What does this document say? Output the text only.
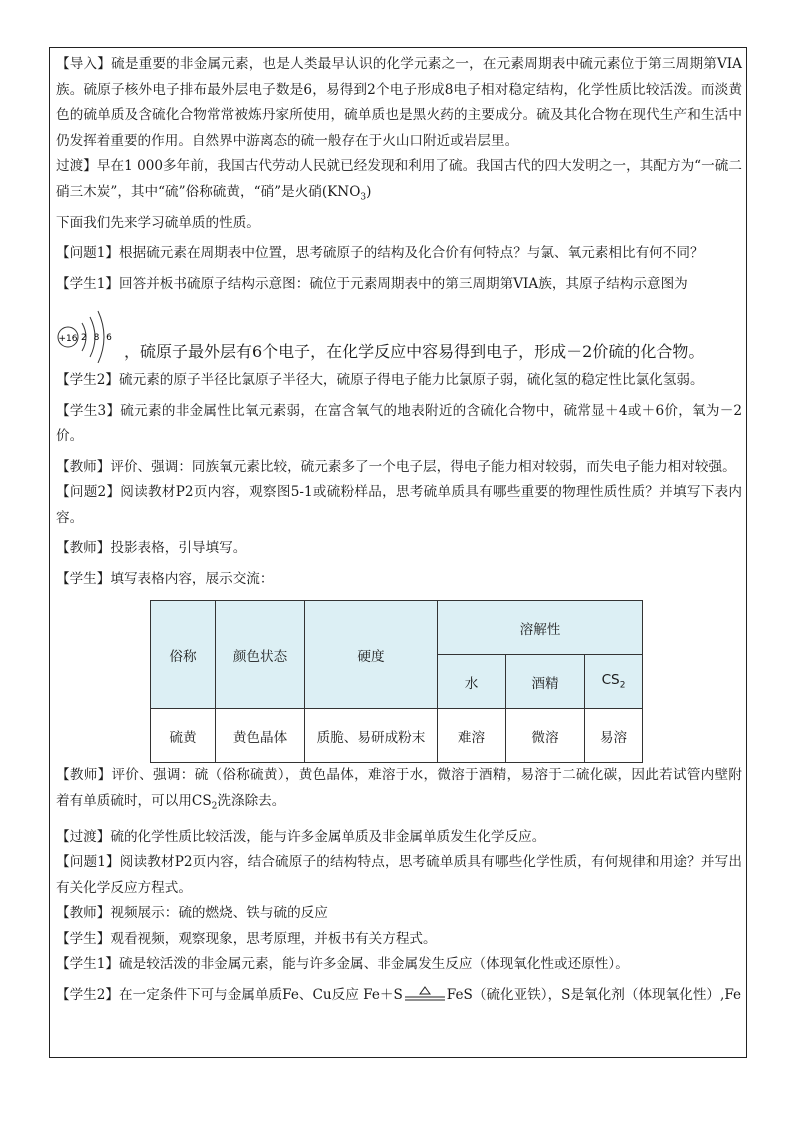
【导入】硫是重要的非金属元素，也是人类最早认识的化学元素之一，在元素周期表中硫元素位于第三周期第VIA族。硫原子核外电子排布最外层电子数是6，易得到2个电子形成8电子相对稳定结构，化学性质比较活泼。而淡黄色的硫单质及含硫化合物常常被炼丹家所使用，硫单质也是黑火药的主要成分。硫及其化合物在现代生产和生活中仍发挥着重要的作用。自然界中游离态的硫一般存在于火山口附近或岩层里。

过渡】早在1 000多年前，我国古代劳动人民就已经发现和利用了硫。我国古代的四大发明之一，其配方为“一硫二硝三木炭”，其中“硫”俗称硫黄，“硝”是火硝$(KNO_3)$

下面我们先来学习硫单质的性质。

【问题1】根据硫元素在周期表中位置，思考硫原子的结构及化合价有何特点？与氯、氧元素相比有何不同？

【学生1】回答并板书硫原子结构示意图：硫位于元素周期表中的第三周期第VIA族，其原子结构示意图为

+16 2 8 6
，硫原子最外层有6个电子，在化学反应中容易得到电子，形成－2价硫的化合物。

【学生2】硫元素的原子半径比氯原子半径大，硫原子得电子能力比氯原子弱，硫化氢的稳定性比氯化氢弱。

【学生3】硫元素的非金属性比氧元素弱，在富含氧气的地表附近的含硫化合物中，硫常显＋4或＋6价，氧为－2价。

【教师】评价、强调：同族氧元素比较，硫元素多了一个电子层，得电子能力相对较弱，而失电子能力相对较强。

【问题2】阅读教材P2页内容，观察图5-1或硫粉样品，思考硫单质具有哪些重要的物理性质性质？并填写下表内容。

【教师】投影表格，引导填写。

【学生】填写表格内容，展示交流：

俗称	颜色状态	硬度	溶解性		
			水	酒精	$CS_2$
硫黄	黄色晶体	质脆、易研成粉末	难溶	微溶	易溶

【教师】评价、强调：硫（俗称硫黄），黄色晶体，难溶于水，微溶于酒精，易溶于二硫化碳，因此若试管内壁附着有单质硫时，可以用$CS_2$洗涤除去。

【过渡】硫的化学性质比较活泼，能与许多金属单质及非金属单质发生化学反应。

【问题1】阅读教材P2页内容，结合硫原子的结构特点，思考硫单质具有哪些化学性质，有何规律和用途？并写出有关化学反应方程式。

【教师】视频展示：硫的燃烧、铁与硫的反应

【学生】观看视频，观察现象，思考原理，并板书有关方程式。

【学生1】硫是较活泼的非金属元素，能与许多金属、非金属发生反应（体现氧化性或还原性）。

【学生2】在一定条件下可与金属单质Fe、Cu反应 Fe＋S	FeS（硫化亚铁），S是氧化剂（体现氧化性）,Fe
